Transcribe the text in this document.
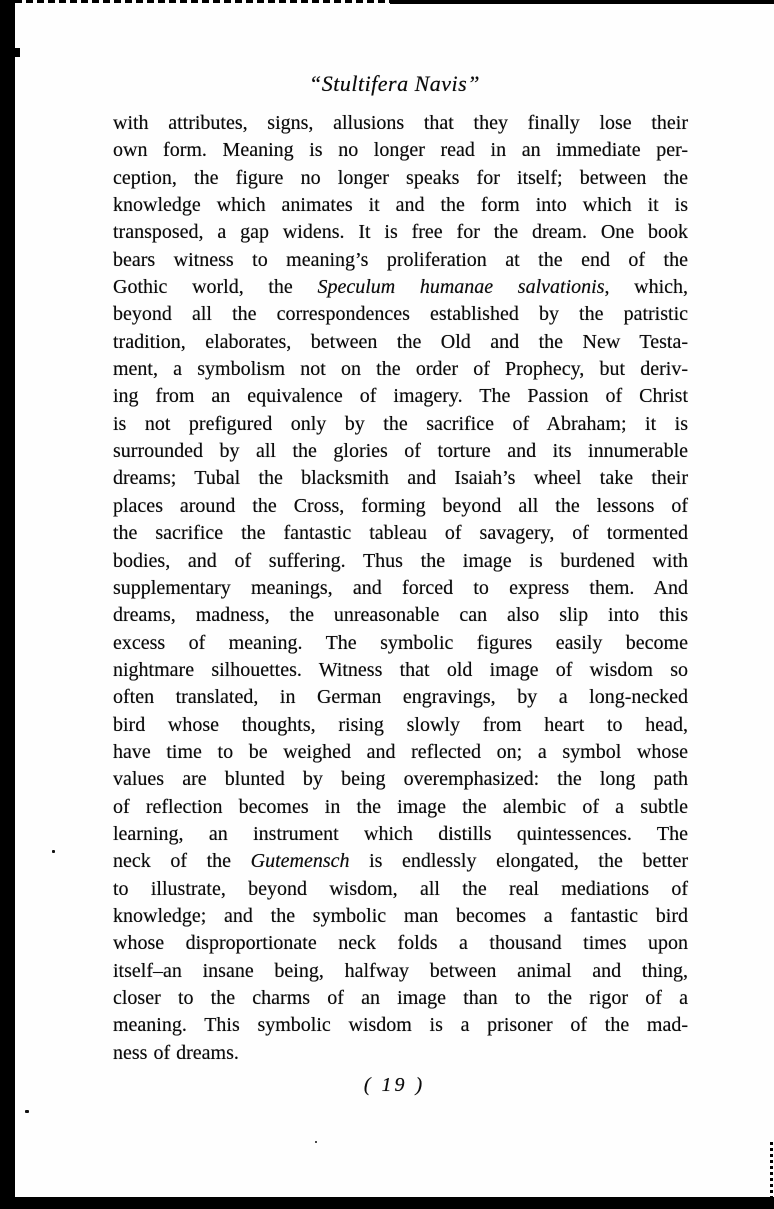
“Stultifera Navis”
with attributes, signs, allusions that they finally lose their
own form. Meaning is no longer read in an immediate per-
ception, the figure no longer speaks for itself; between the
knowledge which animates it and the form into which it is
transposed, a gap widens. It is free for the dream. One book
bears witness to meaning’s proliferation at the end of the
Gothic world, the Speculum humanae salvationis, which,
beyond all the correspondences established by the patristic
tradition, elaborates, between the Old and the New Testa-
ment, a symbolism not on the order of Prophecy, but deriv-
ing from an equivalence of imagery. The Passion of Christ
is not prefigured only by the sacrifice of Abraham; it is
surrounded by all the glories of torture and its innumerable
dreams; Tubal the blacksmith and Isaiah’s wheel take their
places around the Cross, forming beyond all the lessons of
the sacrifice the fantastic tableau of savagery, of tormented
bodies, and of suffering. Thus the image is burdened with
supplementary meanings, and forced to express them. And
dreams, madness, the unreasonable can also slip into this
excess of meaning. The symbolic figures easily become
nightmare silhouettes. Witness that old image of wisdom so
often translated, in German engravings, by a long-necked
bird whose thoughts, rising slowly from heart to head,
have time to be weighed and reflected on; a symbol whose
values are blunted by being overemphasized: the long path
of reflection becomes in the image the alembic of a subtle
learning, an instrument which distills quintessences. The
neck of the Gutemensch is endlessly elongated, the better
to illustrate, beyond wisdom, all the real mediations of
knowledge; and the symbolic man becomes a fantastic bird
whose disproportionate neck folds a thousand times upon
itself–an insane being, halfway between animal and thing,
closer to the charms of an image than to the rigor of a
meaning. This symbolic wisdom is a prisoner of the mad-
ness of dreams.
( 19 )
